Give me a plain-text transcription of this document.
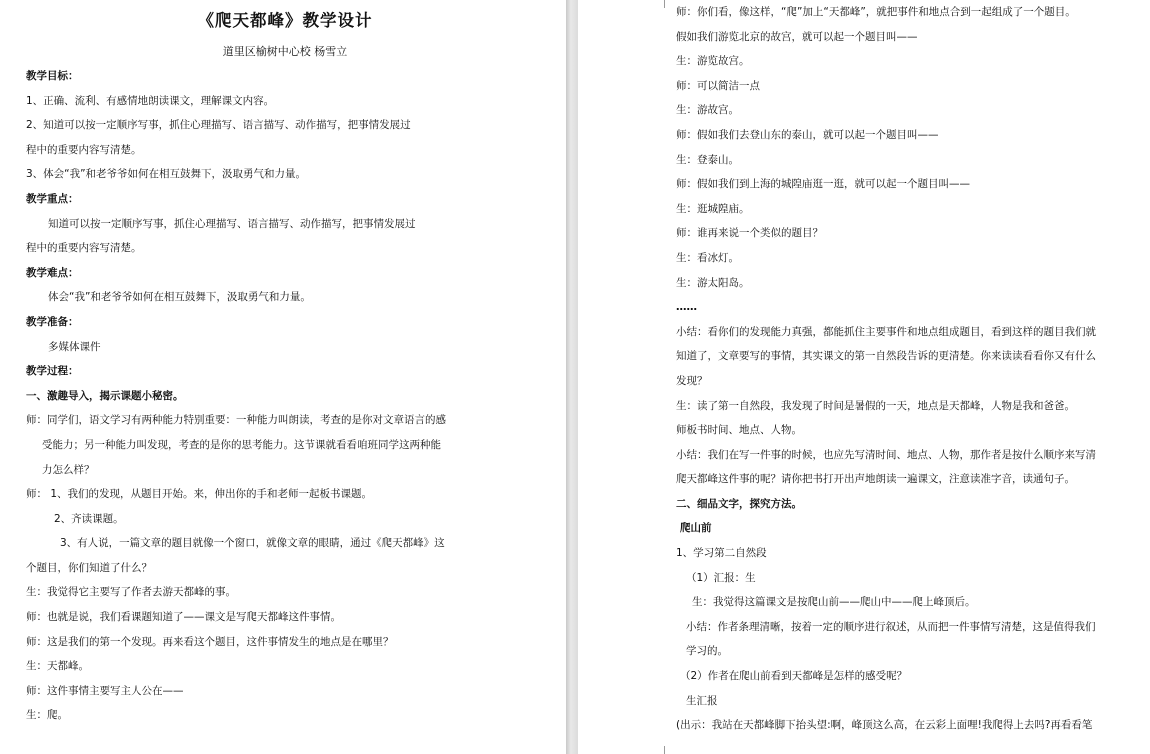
《爬天都峰》教学设计
道里区榆树中心校 杨雪立
教学目标：
1、正确、流利、有感情地朗读课文，理解课文内容。
2、知道可以按一定顺序写事，抓住心理描写、语言描写、动作描写，把事情发展过
程中的重要内容写清楚。
3、体会“我”和老爷爷如何在相互鼓舞下，汲取勇气和力量。
教学重点：
知道可以按一定顺序写事，抓住心理描写、语言描写、动作描写，把事情发展过
程中的重要内容写清楚。
教学难点：
体会“我”和老爷爷如何在相互鼓舞下，汲取勇气和力量。
教学准备：
多媒体课件
教学过程：
一、激趣导入，揭示课题小秘密。
师：同学们，语文学习有两种能力特别重要：一种能力叫朗读，考查的是你对文章语言的感
受能力；另一种能力叫发现，考查的是你的思考能力。这节课就看看咱班同学这两种能
力怎么样？
师： 1、我们的发现，从题目开始。来，伸出你的手和老师一起板书课题。
2、齐读课题。
3、有人说，一篇文章的题目就像一个窗口，就像文章的眼睛，通过《爬天都峰》这
个题目，你们知道了什么？
生：我觉得它主要写了作者去游天都峰的事。
师：也就是说，我们看课题知道了——课文是写爬天都峰这件事情。
师：这是我们的第一个发现。再来看这个题目，这件事情发生的地点是在哪里？
生：天都峰。
师：这件事情主要写主人公在——
生：爬。
师：你们看，像这样，“爬”加上“天都峰”，就把事件和地点合到一起组成了一个题目。
假如我们游览北京的故宫，就可以起一个题目叫——
生：游览故宫。
师：可以简洁一点
生：游故宫。
师：假如我们去登山东的泰山，就可以起一个题目叫——
生：登泰山。
师：假如我们到上海的城隍庙逛一逛，就可以起一个题目叫——
生：逛城隍庙。
师：谁再来说一个类似的题目？
生：看冰灯。
生：游太阳岛。
……
小结：看你们的发现能力真强，都能抓住主要事件和地点组成题目，看到这样的题目我们就
知道了，文章要写的事情，其实课文的第一自然段告诉的更清楚。你来读读看看你又有什么
发现？
生：读了第一自然段，我发现了时间是暑假的一天，地点是天都峰，人物是我和爸爸。
师板书时间、地点、人物。
小结：我们在写一件事的时候，也应先写清时间、地点、人物，那作者是按什么顺序来写清
爬天都峰这件事的呢？请你把书打开出声地朗读一遍课文，注意读准字音，读通句子。
二、细品文字，探究方法。
爬山前
1、学习第二自然段
（1）汇报：生
生：我觉得这篇课文是按爬山前——爬山中——爬上峰顶后。
小结：作者条理清晰，按着一定的顺序进行叙述，从而把一件事情写清楚，这是值得我们
学习的。
（2）作者在爬山前看到天都峰是怎样的感受呢？
生汇报
(出示：我站在天都峰脚下抬头望:啊，峰顶这么高，在云彩上面哩!我爬得上去吗?再看看笔
